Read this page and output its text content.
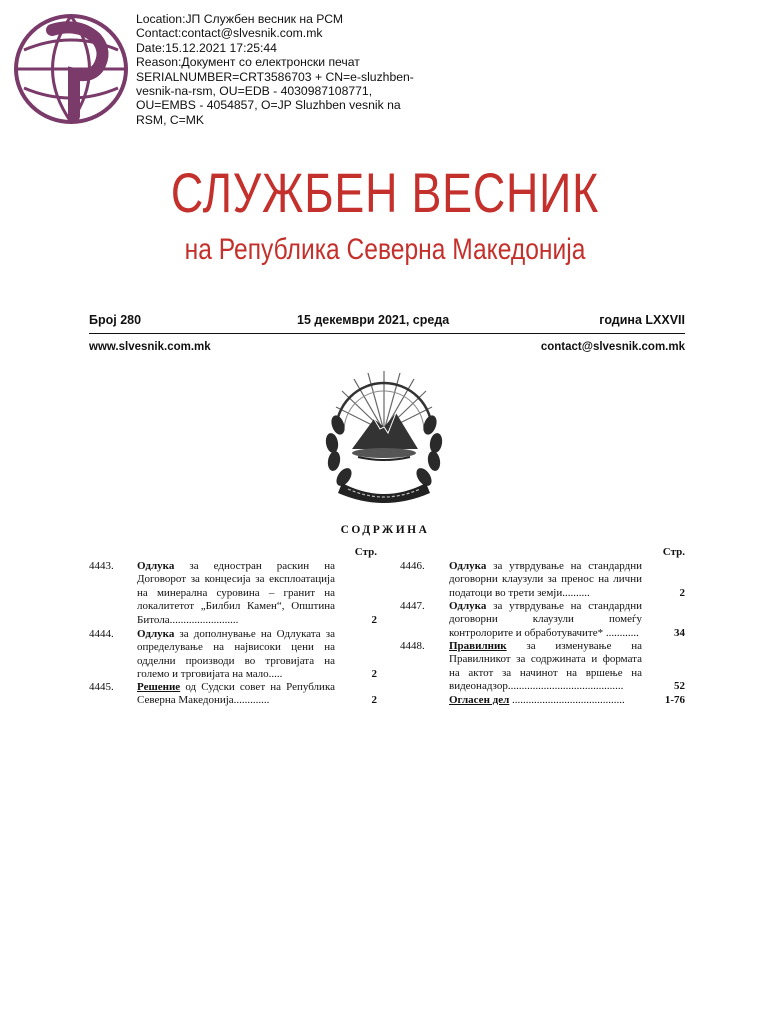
Location:ЈП Службен весник на РСМ
Contact:contact@slvesnik.com.mk
Date:15.12.2021 17:25:44
Reason:Документ со електронски печат
SERIALNUMBER=CRT3586703 + CN=e-sluzhben-
vesnik-na-rsm, OU=EDB - 4030987108771,
OU=EMBS - 4054857, O=JP Sluzhben vesnik na
RSM, C=MK
СЛУЖБЕН ВЕСНИК
на Република Северна Македонија
Број 280	15 декември 2021, среда	година LXXVII
www.slvesnik.com.mk	contact@slvesnik.com.mk
СОДРЖИНА
Стр.
4443. Одлука за едностран раскин на Договорот за концесија за експлоатација на минерална суровина – гранит на локалитетот „Билбил Камен“, Општина Битола.........................	2
4444. Одлука за дополнување на Одлуката за определување на највисоки цени на одделни производи во трговијата на големо и трговијата на мало.....	2
4445. Решение од Судски совет на Република Северна Македонија.............	2
Стр.
4446. Одлука за утврдување на стандардни договорни клаузули за пренос на лични податоци во трети земји..........	2
4447. Одлука за утврдување на стандардни договорни клаузули помеѓу контролорите и обработувачите* ............	34
4448. Правилник за изменување на Правилникот за содржината и формата на актот за начинот на вршење на видеонадзор..........................................	52
Огласен дел .........................................	1-76
